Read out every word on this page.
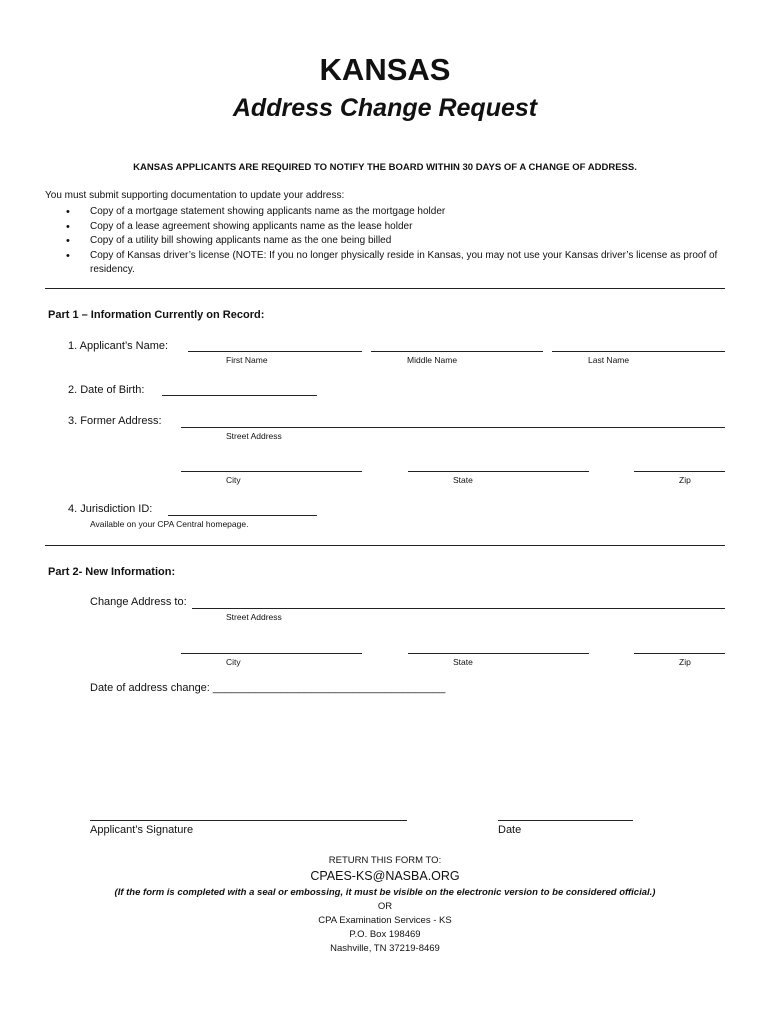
KANSAS
Address Change Request
KANSAS APPLICANTS ARE REQUIRED TO NOTIFY THE BOARD WITHIN 30 DAYS OF A CHANGE OF ADDRESS.
You must submit supporting documentation to update your address:
• Copy of a mortgage statement showing applicants name as the mortgage holder
• Copy of a lease agreement showing applicants name as the lease holder
• Copy of a utility bill showing applicants name as the one being billed
• Copy of Kansas driver’s license (NOTE: If you no longer physically reside in Kansas, you may not use your Kansas driver’s license as proof of residency.
Part 1 – Information Currently on Record:
1. Applicant’s Name:
First Name	Middle Name	Last Name
2. Date of Birth:
3. Former Address:
Street Address
City	State	Zip
4. Jurisdiction ID:
Available on your CPA Central homepage.
Part 2- New Information:
Change Address to:
Street Address
City	State	Zip
Date of address change: ______________________________________
Applicant’s Signature	Date
RETURN THIS FORM TO:
CPAES-KS@NASBA.ORG
(If the form is completed with a seal or embossing, it must be visible on the electronic version to be considered official.)
OR
CPA Examination Services - KS
P.O. Box 198469
Nashville, TN 37219-8469
